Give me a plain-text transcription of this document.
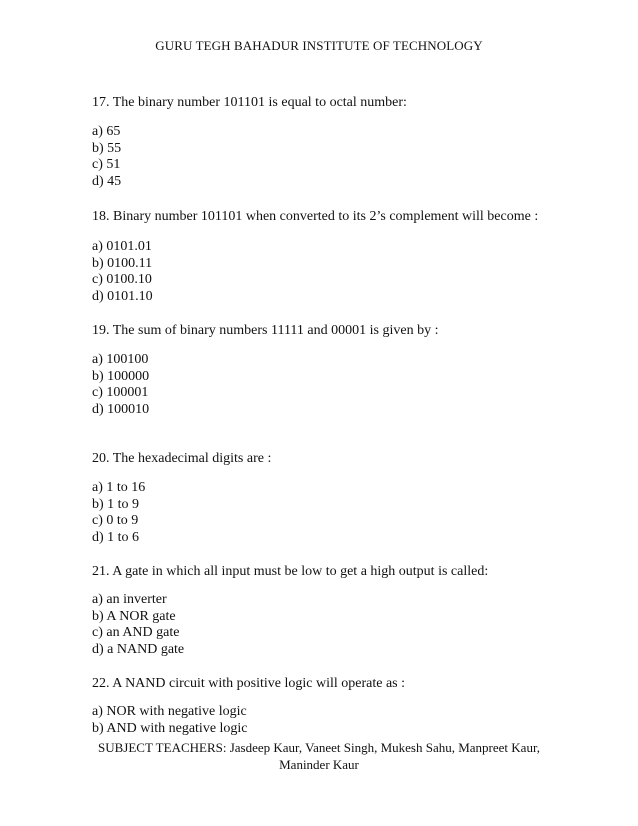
GURU TEGH BAHADUR INSTITUTE OF TECHNOLOGY

17. The binary number 101101 is equal to octal number:

a) 65
b) 55
c) 51
d) 45

18. Binary number 101101 when converted to its 2’s complement will become :

a) 0101.01
b) 0100.11
c) 0100.10
d) 0101.10

19. The sum of binary numbers 11111 and 00001 is given by :

a) 100100
b) 100000
c) 100001
d) 100010

20. The hexadecimal digits are :

a) 1 to 16
b) 1 to 9
c) 0 to 9
d) 1 to 6

21. A gate in which all input must be low to get a high output is called:

a) an inverter
b) A NOR gate
c) an AND gate
d) a NAND gate

22. A NAND circuit with positive logic will operate as :

a) NOR with negative logic
b) AND with negative logic
SUBJECT TEACHERS: Jasdeep Kaur, Vaneet Singh, Mukesh Sahu, Manpreet Kaur,
Maninder Kaur
